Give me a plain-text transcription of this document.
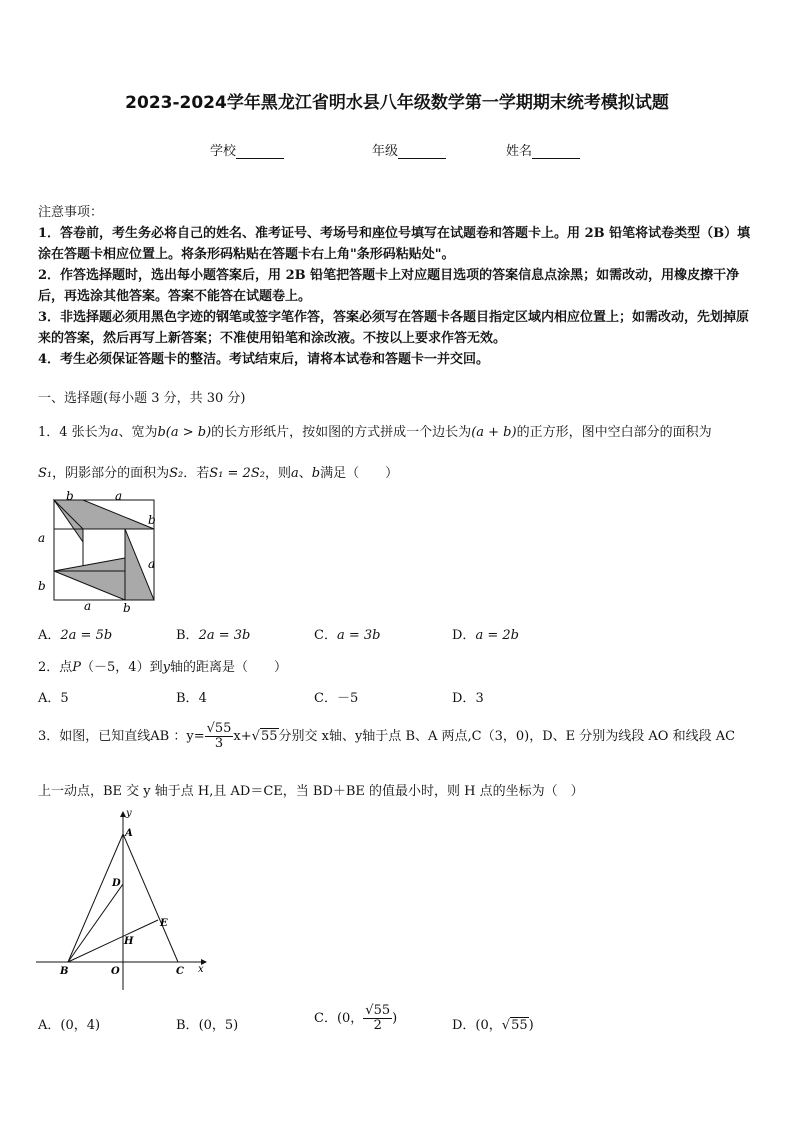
2023-2024学年黑龙江省明水县八年级数学第一学期期末统考模拟试题
学校	年级	姓名

注意事项：

1．答卷前，考生务必将自己的姓名、准考证号、考场号和座位号填写在试题卷和答题卡上。用 2B 铅笔将试卷类型（B）填涂在答题卡相应位置上。将条形码粘贴在答题卡右上角"条形码粘贴处"。

2．作答选择题时，选出每小题答案后，用 2B 铅笔把答题卡上对应题目选项的答案信息点涂黑；如需改动，用橡皮擦干净后，再选涂其他答案。答案不能答在试题卷上。

3．非选择题必须用黑色字迹的钢笔或签字笔作答，答案必须写在答题卡各题目指定区域内相应位置上；如需改动，先划掉原来的答案，然后再写上新答案；不准使用铅笔和涂改液。不按以上要求作答无效。

4．考生必须保证答题卡的整洁。考试结束后，请将本试卷和答题卡一并交回。

一、选择题(每小题 3 分，共 30 分)
1．4 张长为a、宽为b(a > b)的长方形纸片，按如图的方式拼成一个边长为(a + b)的正方形，图中空白部分的面积为
S₁，阴影部分的面积为S₂．若S₁ = 2S₂，则a、b满足（　　）
b	a
a
b
a
b
a	b
A．2a = 5b	B．2a = 3b	C．a = 3b	D．a = 2b
2．点P（－5，4）到y轴的距离是（　　）
A．5	B．4	C．－5	D．3
3．如图，已知直线AB ：$y= \frac{√55}{3} x+√55$分别交 x轴、y轴于点 B、A 两点,C（3，0)，D、E 分别为线段 AO 和线段 AC
上一动点，BE 交 y 轴于点 H,且 AD＝CE，当 BD＋BE 的值最小时，则 H 点的坐标为（　）
y
A
D
E
H
B	O	C x
A．(0，4)	B．(0，5)	C．(0， $\frac{√55}{2}$ )	D．(0，√55)
